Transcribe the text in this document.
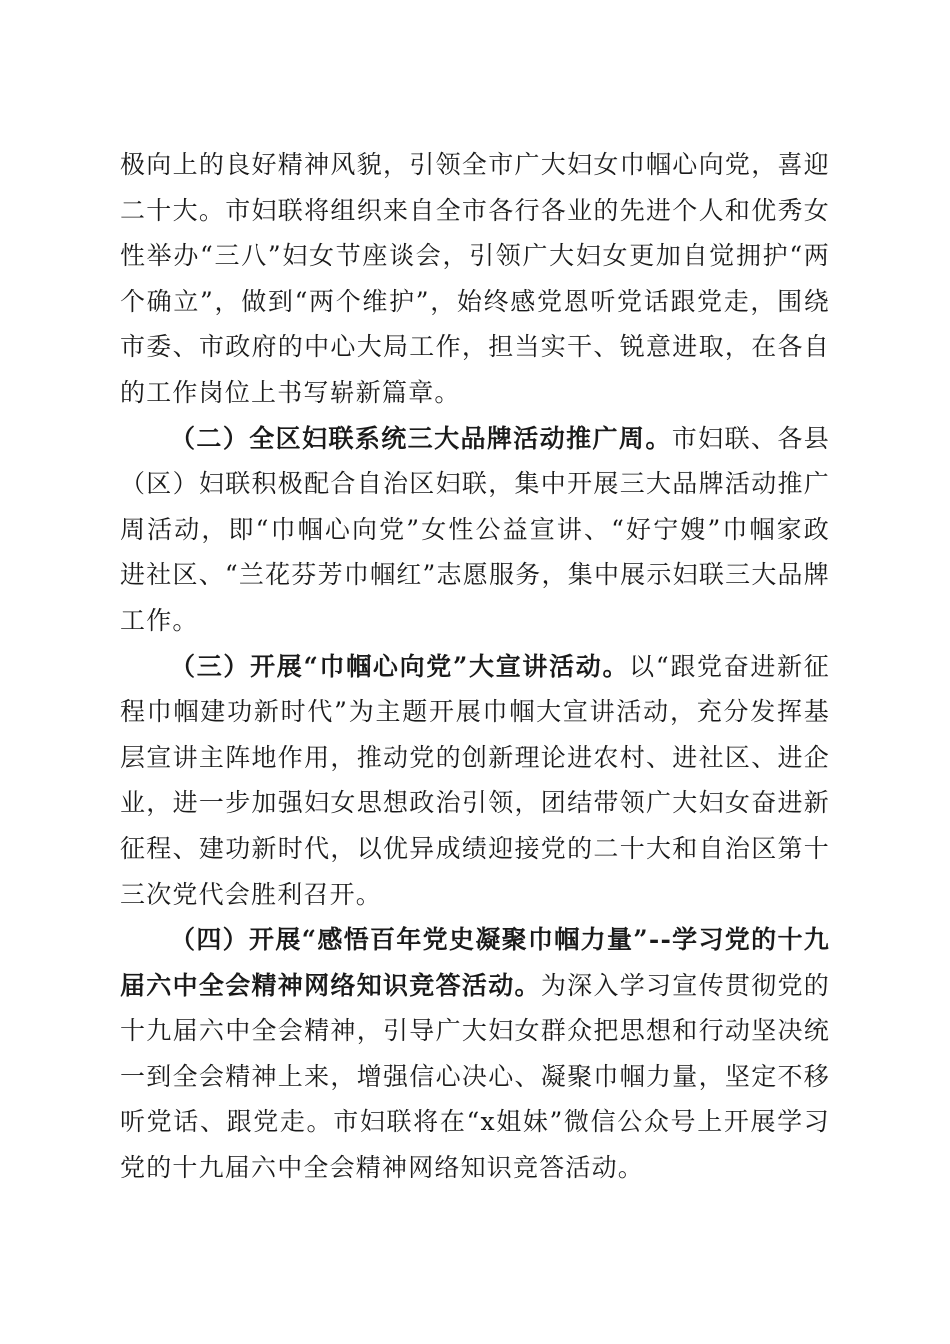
极向上的良好精神风貌，引领全市广大妇女巾帼心向党，喜迎二十大。市妇联将组织来自全市各行各业的先进个人和优秀女性举办“三八”妇女节座谈会，引领广大妇女更加自觉拥护“两个确立”，做到“两个维护”，始终感党恩听党话跟党走，围绕市委、市政府的中心大局工作，担当实干、锐意进取，在各自的工作岗位上书写崭新篇章。

（二）全区妇联系统三大品牌活动推广周。市妇联、各县（区）妇联积极配合自治区妇联，集中开展三大品牌活动推广周活动，即“巾帼心向党”女性公益宣讲、“好宁嫂”巾帼家政进社区、“兰花芬芳巾帼红”志愿服务，集中展示妇联三大品牌工作。

（三）开展“巾帼心向党”大宣讲活动。以“跟党奋进新征程巾帼建功新时代”为主题开展巾帼大宣讲活动，充分发挥基层宣讲主阵地作用，推动党的创新理论进农村、进社区、进企业，进一步加强妇女思想政治引领，团结带领广大妇女奋进新征程、建功新时代，以优异成绩迎接党的二十大和自治区第十三次党代会胜利召开。

（四）开展“感悟百年党史凝聚巾帼力量”--学习党的十九届六中全会精神网络知识竞答活动。为深入学习宣传贯彻党的十九届六中全会精神，引导广大妇女群众把思想和行动坚决统一到全会精神上来，增强信心决心、凝聚巾帼力量，坚定不移听党话、跟党走。市妇联将在“x姐妹”微信公众号上开展学习党的十九届六中全会精神网络知识竞答活动。
